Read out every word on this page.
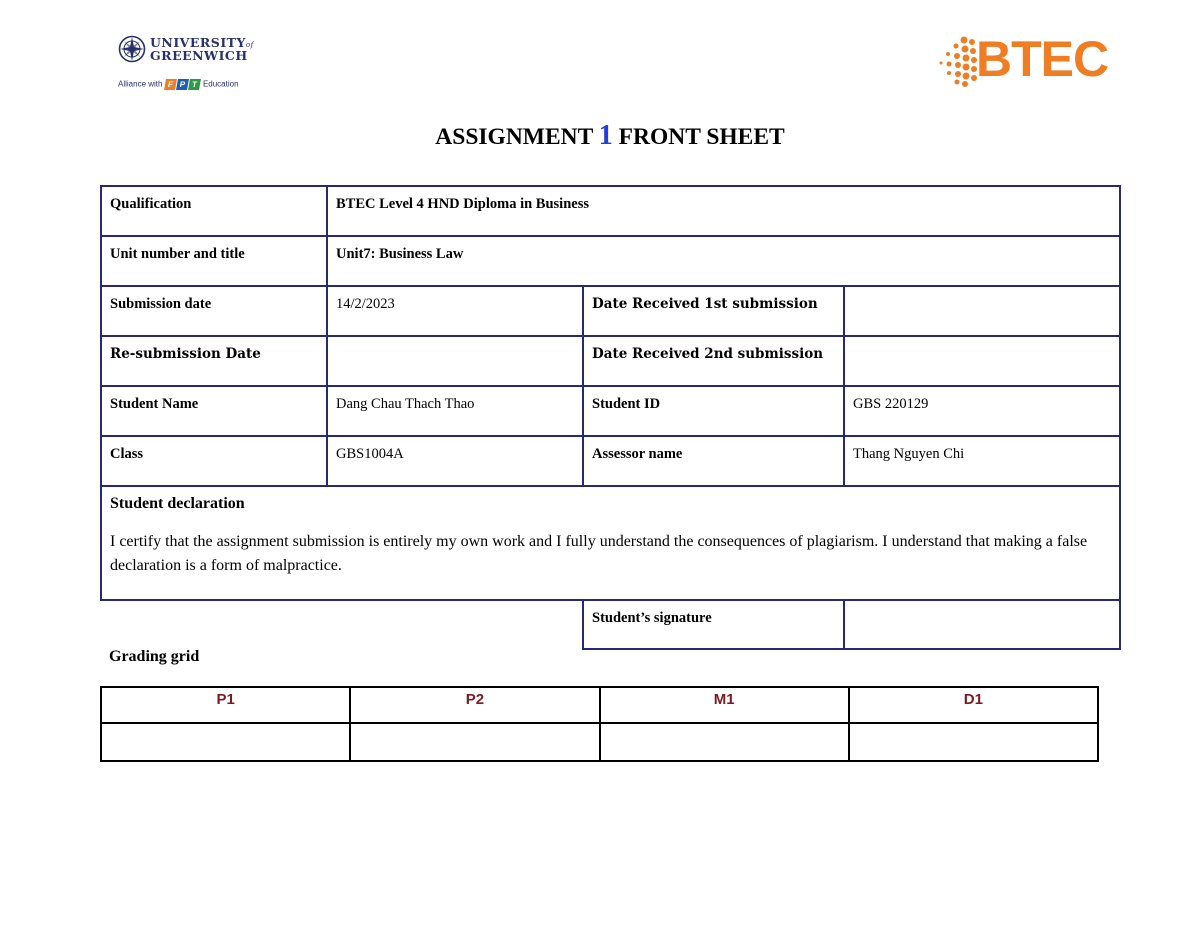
UNIVERSITYof
GREENWICH
Alliance with F P T Education	BTEC
ASSIGNMENT 1 FRONT SHEET
Qualification	BTEC Level 4 HND Diploma in Business		
Unit number and title	Unit7: Business Law		
Submission date	14/2/2023	Date Received 1st submission	
Re-submission Date		Date Received 2nd submission	
Student Name	Dang Chau Thach Thao	Student ID	GBS 220129
Class	GBS1004A	Assessor name	Thang Nguyen Chi

Student declaration
I certify that the assignment submission is entirely my own work and I fully understand the consequences of plagiarism. I understand that making a false declaration is a form of malpractice.			

		Student’s signature	
Grading grid
P1	P2	M1	D1
